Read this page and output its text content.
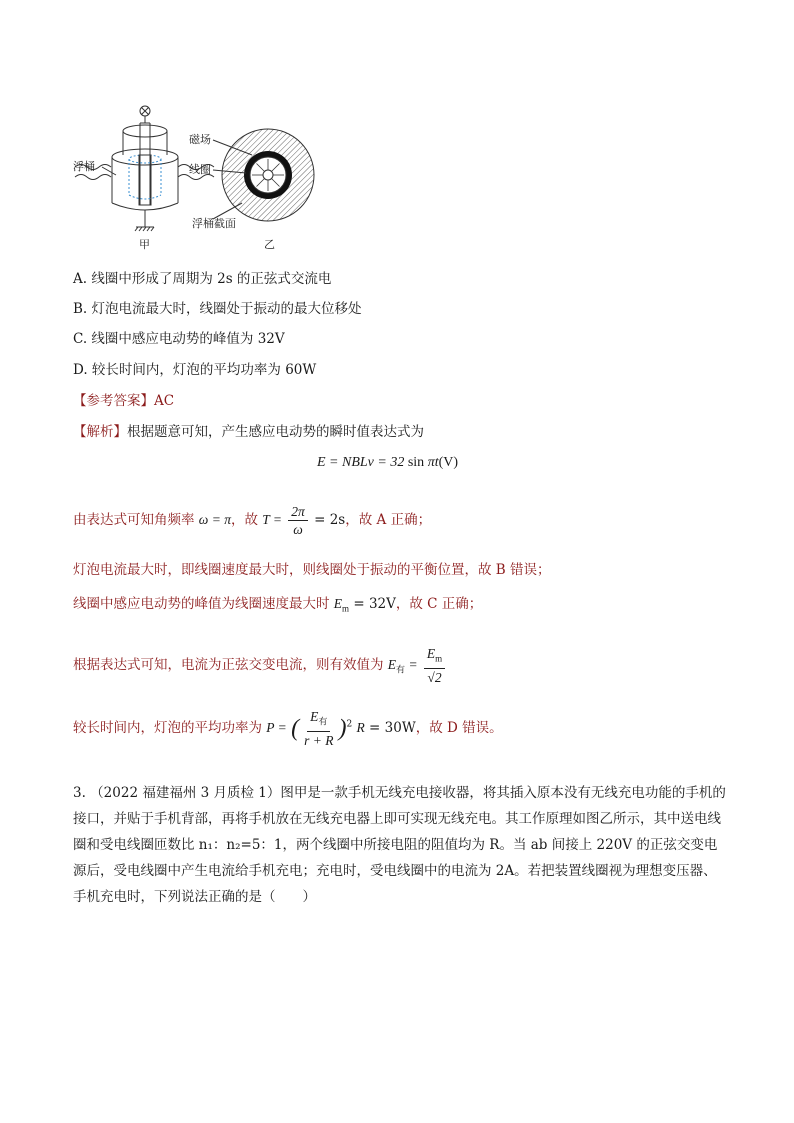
浮桶
甲
磁场
线圈
浮桶截面
乙
A. 线圈中形成了周期为 2s 的正弦式交流电
B. 灯泡电流最大时，线圈处于振动的最大位移处
C. 线圈中感应电动势的峰值为 32V
D. 较长时间内，灯泡的平均功率为 60W
【参考答案】AC
【解析】根据题意可知，产生感应电动势的瞬时值表达式为
E = NBLv = 32 sin πt(V)
由表达式可知角频率 ω = π，故 $T = \frac{2\pi}{\omega} = 2s$，故 A 正确；
灯泡电流最大时，即线圈速度最大时，则线圈处于振动的平衡位置，故 B 错误；
线圈中感应电动势的峰值为线圈速度最大时 $E_m = 32V$，故 C 正确；
根据表达式可知，电流为正弦交变电流，则有效值为 $E_有 = \frac{E_m}{√2}$
较长时间内，灯泡的平均功率为 P = ( $\frac{E_有}{r + R} )^2$ R = 30W，故 D 错误。
3. （2022 福建福州 3 月质检 1）图甲是一款手机无线充电接收器，将其插入原本没有无线充电功能的手机的接口，并贴于手机背部，再将手机放在无线充电器上即可实现无线充电。其工作原理如图乙所示，其中送电线圈和受电线圈匝数比 n₁：n₂=5：1，两个线圈中所接电阻的阻值均为 R。当 ab 间接上 220V 的正弦交变电源后，受电线圈中产生电流给手机充电；充电时，受电线圈中的电流为 2A。若把装置线圈视为理想变压器、手机充电时，下列说法正确的是（　　）
